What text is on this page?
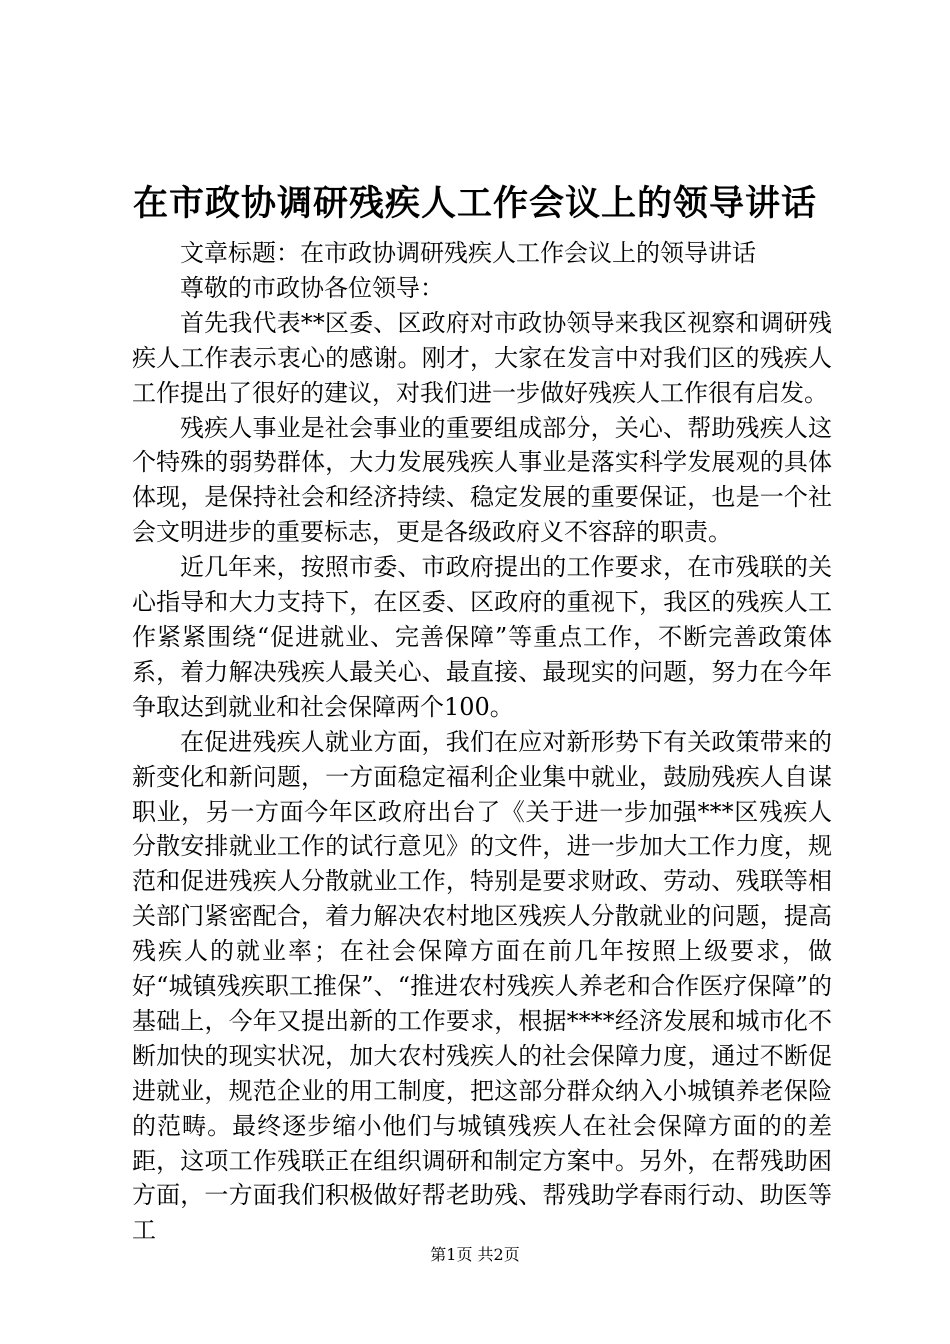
在市政协调研残疾人工作会议上的领导讲话

文章标题：在市政协调研残疾人工作会议上的领导讲话

尊敬的市政协各位领导：

首先我代表**区委、区政府对市政协领导来我区视察和调研残疾人工作表示衷心的感谢。刚才，大家在发言中对我们区的残疾人工作提出了很好的建议，对我们进一步做好残疾人工作很有启发。

残疾人事业是社会事业的重要组成部分，关心、帮助残疾人这个特殊的弱势群体，大力发展残疾人事业是落实科学发展观的具体体现，是保持社会和经济持续、稳定发展的重要保证，也是一个社会文明进步的重要标志，更是各级政府义不容辞的职责。

近几年来，按照市委、市政府提出的工作要求，在市残联的关心指导和大力支持下，在区委、区政府的重视下，我区的残疾人工作紧紧围绕“促进就业、完善保障”等重点工作，不断完善政策体系，着力解决残疾人最关心、最直接、最现实的问题，努力在今年争取达到就业和社会保障两个100。

在促进残疾人就业方面，我们在应对新形势下有关政策带来的新变化和新问题，一方面稳定福利企业集中就业，鼓励残疾人自谋职业，另一方面今年区政府出台了《关于进一步加强***区残疾人分散安排就业工作的试行意见》的文件，进一步加大工作力度，规范和促进残疾人分散就业工作，特别是要求财政、劳动、残联等相关部门紧密配合，着力解决农村地区残疾人分散就业的问题，提高残疾人的就业率；在社会保障方面在前几年按照上级要求，做好“城镇残疾职工推保”、“推进农村残疾人养老和合作医疗保障”的基础上，今年又提出新的工作要求，根据****经济发展和城市化不断加快的现实状况，加大农村残疾人的社会保障力度，通过不断促进就业，规范企业的用工制度，把这部分群众纳入小城镇养老保险的范畴。最终逐步缩小他们与城镇残疾人在社会保障方面的的差距，这项工作残联正在组织调研和制定方案中。另外，在帮残助困方面，一方面我们积极做好帮老助残、帮残助学春雨行动、助医等工

第1页 共2页
